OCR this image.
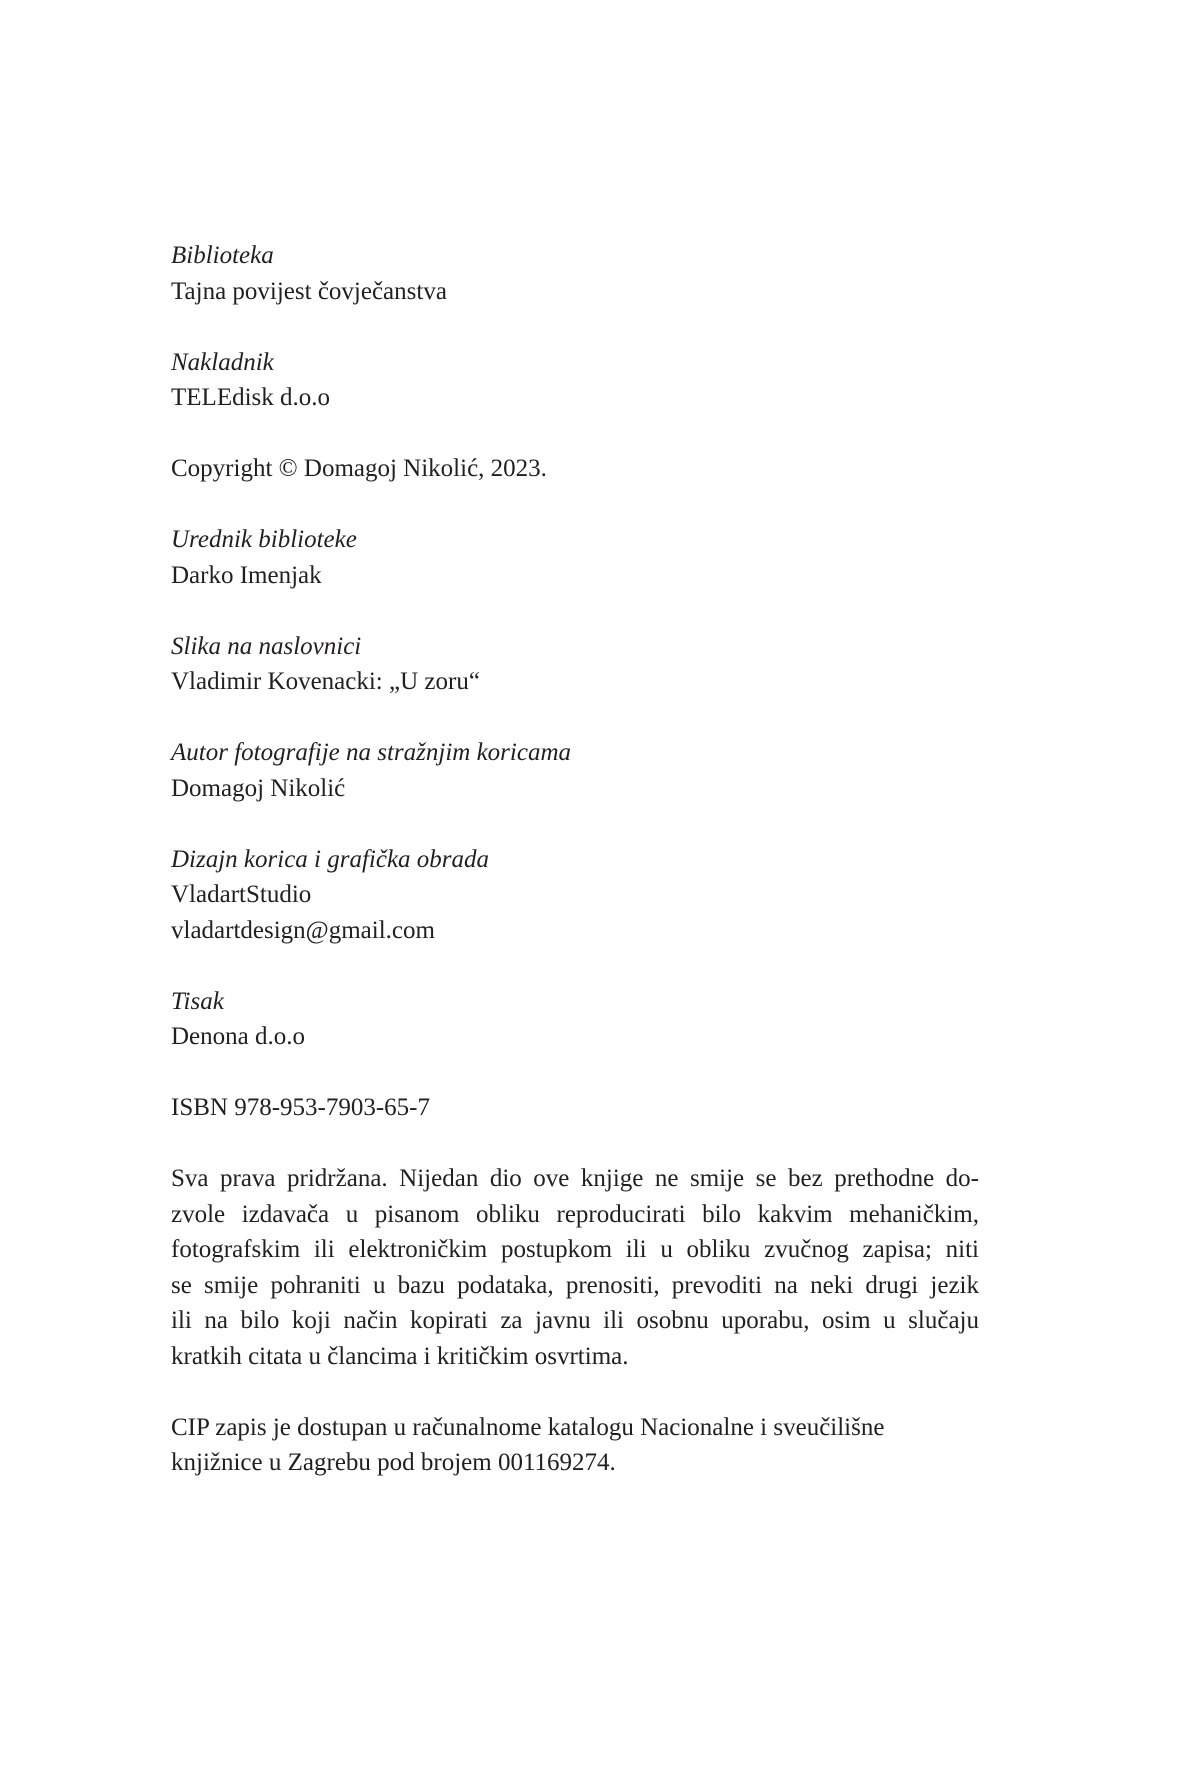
Biblioteka
Tajna povijest čovječanstva
Nakladnik
TELEdisk d.o.o
Copyright © Domagoj Nikolić, 2023.
Urednik biblioteke
Darko Imenjak
Slika na naslovnici
Vladimir Kovenacki: „U zoru“
Autor fotografije na stražnjim koricama
Domagoj Nikolić
Dizajn korica i grafička obrada
VladartStudio
vladartdesign@gmail.com
Tisak
Denona d.o.o
ISBN 978-953-7903-65-7
Sva prava pridržana. Nijedan dio ove knjige ne smije se bez prethodne do-
zvole izdavača u pisanom obliku reproducirati bilo kakvim mehaničkim,
fotografskim ili elektroničkim postupkom ili u obliku zvučnog zapisa; niti
se smije pohraniti u bazu podataka, prenositi, prevoditi na neki drugi jezik
ili na bilo koji način kopirati za javnu ili osobnu uporabu, osim u slučaju
kratkih citata u člancima i kritičkim osvrtima.
CIP zapis je dostupan u računalnome katalogu Nacionalne i sveučilišne
knjižnice u Zagrebu pod brojem 001169274.
